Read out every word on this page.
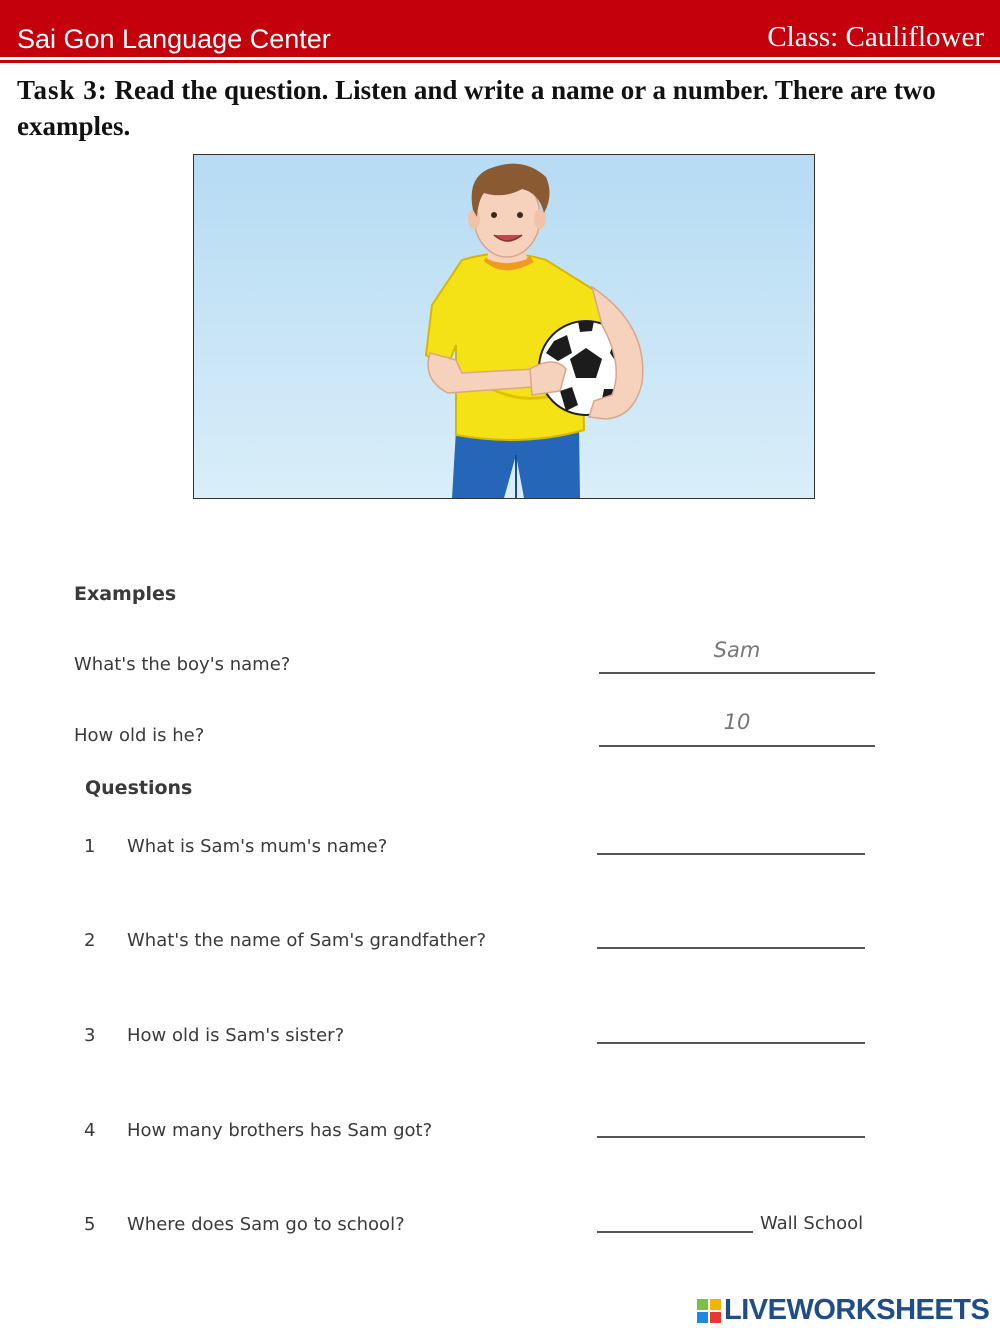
Sai Gon Language Center	Class: Cauliflower
Task 3: Read the question. Listen and write a name or a number. There are two examples.
Examples
What's the boy's name?
Sam
How old is he?
10
Questions
1 What is Sam's mum's name?
2 What's the name of Sam's grandfather?
3 How old is Sam's sister?
4 How many brothers has Sam got?
5 Where does Sam go to school?	Wall School
LIVEWORKSHEETS
